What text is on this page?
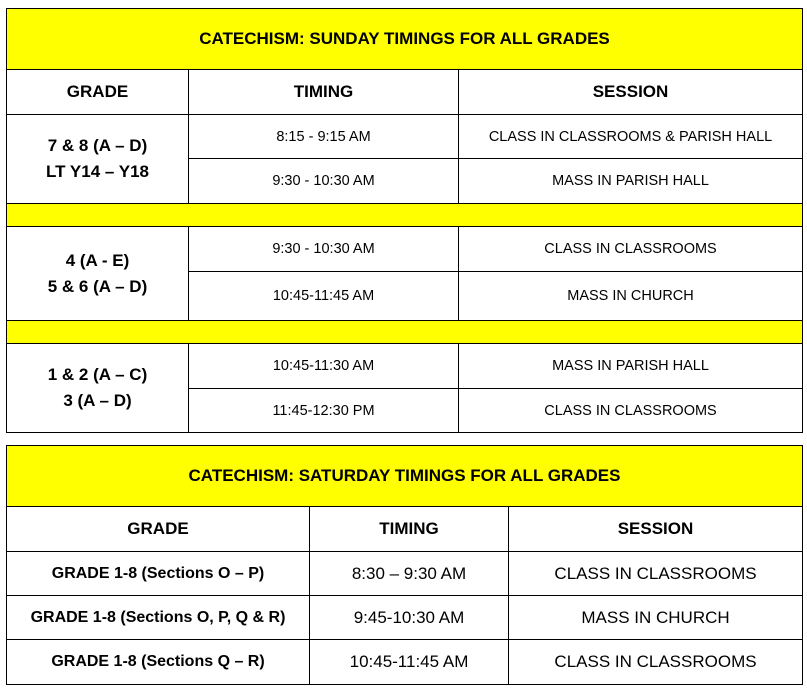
CATECHISM: SUNDAY TIMINGS FOR ALL GRADES		
GRADE	TIMING	SESSION

7 & 8 (A – D)
LT Y14 – Y18	8:15 - 9:15 AM	CLASS IN CLASSROOMS & PARISH HALL
	9:30 - 10:30 AM	MASS IN PARISH HALL

4 (A - E)
5 & 6 (A – D)	9:30 - 10:30 AM	CLASS IN CLASSROOMS
	10:45-11:45 AM	MASS IN CHURCH

1 & 2 (A – C)
3 (A – D)	10:45-11:30 AM	MASS IN PARISH HALL
	11:45-12:30 PM	CLASS IN CLASSROOMS
CATECHISM: SATURDAY TIMINGS FOR ALL GRADES		
GRADE	TIMING	SESSION
GRADE 1-8 (Sections O – P)	8:30 – 9:30 AM	CLASS IN CLASSROOMS
GRADE 1-8 (Sections O, P, Q & R)	9:45-10:30 AM	MASS IN CHURCH
GRADE 1-8 (Sections Q – R)	10:45-11:45 AM	CLASS IN CLASSROOMS
